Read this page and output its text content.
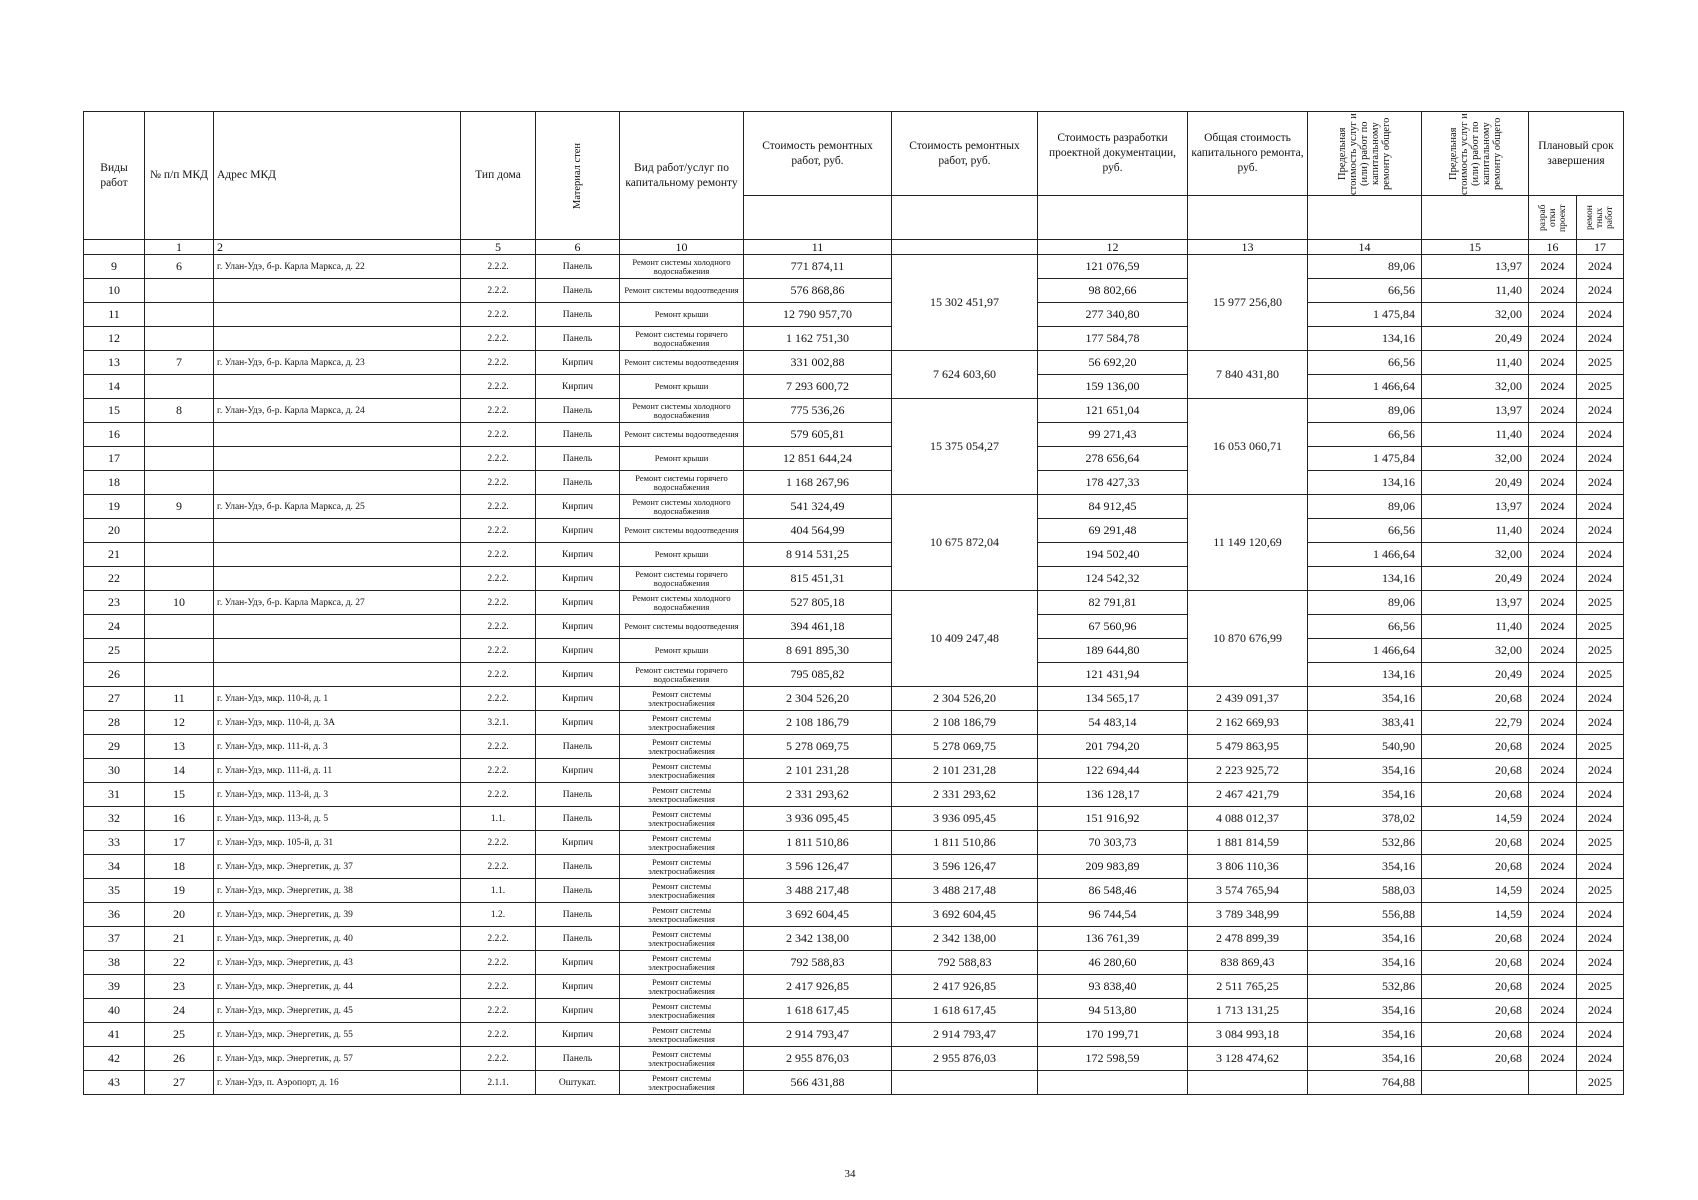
Виды работ	№ п/п МКД	Адрес МКД	Тип дома	Материал стен	Вид работ/услуг по капитальному ремонту	Стоимость ремонтных работ, руб.	Стоимость ремонтных работ, руб.	Стоимость разработки проектной документации, руб.	Общая стоимость капитального ремонта, руб.	Предельная стоимость услуг и (или) работ по капитальному ремонту общего	Предельная стоимость услуг и (или) работ по капитальному ремонту общего	Плановый срок завершения	

												разраб отки проект	ремон тных работ

	1	2	5	6	10	11		12	13	14	15	16	17
9	6	г. Улан-Удэ, б-р. Карла Маркса, д. 22	2.2.2.	Панель	Ремонт системы холодного водоснабжения	771 874,11	15 302 451,97	121 076,59	15 977 256,80	89,06	13,97	2024	2024
10			2.2.2.	Панель	Ремонт системы водоотведения	576 868,86		98 802,66		66,56	11,40	2024	2024
11			2.2.2.	Панель	Ремонт крыши	12 790 957,70		277 340,80		1 475,84	32,00	2024	2024
12			2.2.2.	Панель	Ремонт системы горячего водоснабжения	1 162 751,30		177 584,78		134,16	20,49	2024	2024
13	7	г. Улан-Удэ, б-р. Карла Маркса, д. 23	2.2.2.	Кирпич	Ремонт системы водоотведения	331 002,88	7 624 603,60	56 692,20	7 840 431,80	66,56	11,40	2024	2025
14			2.2.2.	Кирпич	Ремонт крыши	7 293 600,72		159 136,00		1 466,64	32,00	2024	2025
15	8	г. Улан-Удэ, б-р. Карла Маркса, д. 24	2.2.2.	Панель	Ремонт системы холодного водоснабжения	775 536,26	15 375 054,27	121 651,04	16 053 060,71	89,06	13,97	2024	2024
16			2.2.2.	Панель	Ремонт системы водоотведения	579 605,81		99 271,43		66,56	11,40	2024	2024
17			2.2.2.	Панель	Ремонт крыши	12 851 644,24		278 656,64		1 475,84	32,00	2024	2024
18			2.2.2.	Панель	Ремонт системы горячего водоснабжения	1 168 267,96		178 427,33		134,16	20,49	2024	2024
19	9	г. Улан-Удэ, б-р. Карла Маркса, д. 25	2.2.2.	Кирпич	Ремонт системы холодного водоснабжения	541 324,49	10 675 872,04	84 912,45	11 149 120,69	89,06	13,97	2024	2024
20			2.2.2.	Кирпич	Ремонт системы водоотведения	404 564,99		69 291,48		66,56	11,40	2024	2024
21			2.2.2.	Кирпич	Ремонт крыши	8 914 531,25		194 502,40		1 466,64	32,00	2024	2024
22			2.2.2.	Кирпич	Ремонт системы горячего водоснабжения	815 451,31		124 542,32		134,16	20,49	2024	2024
23	10	г. Улан-Удэ, б-р. Карла Маркса, д. 27	2.2.2.	Кирпич	Ремонт системы холодного водоснабжения	527 805,18	10 409 247,48	82 791,81	10 870 676,99	89,06	13,97	2024	2025
24			2.2.2.	Кирпич	Ремонт системы водоотведения	394 461,18		67 560,96		66,56	11,40	2024	2025
25			2.2.2.	Кирпич	Ремонт крыши	8 691 895,30		189 644,80		1 466,64	32,00	2024	2025
26			2.2.2.	Кирпич	Ремонт системы горячего водоснабжения	795 085,82		121 431,94		134,16	20,49	2024	2025
27	11	г. Улан-Удэ, мкр. 110-й, д. 1	2.2.2.	Кирпич	Ремонт системы электроснабжения	2 304 526,20	2 304 526,20	134 565,17	2 439 091,37	354,16	20,68	2024	2024
28	12	г. Улан-Удэ, мкр. 110-й, д. 3А	3.2.1.	Кирпич	Ремонт системы электроснабжения	2 108 186,79	2 108 186,79	54 483,14	2 162 669,93	383,41	22,79	2024	2024
29	13	г. Улан-Удэ, мкр. 111-й, д. 3	2.2.2.	Панель	Ремонт системы электроснабжения	5 278 069,75	5 278 069,75	201 794,20	5 479 863,95	540,90	20,68	2024	2025
30	14	г. Улан-Удэ, мкр. 111-й, д. 11	2.2.2.	Кирпич	Ремонт системы электроснабжения	2 101 231,28	2 101 231,28	122 694,44	2 223 925,72	354,16	20,68	2024	2024
31	15	г. Улан-Удэ, мкр. 113-й, д. 3	2.2.2.	Панель	Ремонт системы электроснабжения	2 331 293,62	2 331 293,62	136 128,17	2 467 421,79	354,16	20,68	2024	2024
32	16	г. Улан-Удэ, мкр. 113-й, д. 5	1.1.	Панель	Ремонт системы электроснабжения	3 936 095,45	3 936 095,45	151 916,92	4 088 012,37	378,02	14,59	2024	2024
33	17	г. Улан-Удэ, мкр. 105-й, д. 31	2.2.2.	Кирпич	Ремонт системы электроснабжения	1 811 510,86	1 811 510,86	70 303,73	1 881 814,59	532,86	20,68	2024	2025
34	18	г. Улан-Удэ, мкр. Энергетик, д. 37	2.2.2.	Панель	Ремонт системы электроснабжения	3 596 126,47	3 596 126,47	209 983,89	3 806 110,36	354,16	20,68	2024	2024
35	19	г. Улан-Удэ, мкр. Энергетик, д. 38	1.1.	Панель	Ремонт системы электроснабжения	3 488 217,48	3 488 217,48	86 548,46	3 574 765,94	588,03	14,59	2024	2025
36	20	г. Улан-Удэ, мкр. Энергетик, д. 39	1.2.	Панель	Ремонт системы электроснабжения	3 692 604,45	3 692 604,45	96 744,54	3 789 348,99	556,88	14,59	2024	2024
37	21	г. Улан-Удэ, мкр. Энергетик, д. 40	2.2.2.	Панель	Ремонт системы электроснабжения	2 342 138,00	2 342 138,00	136 761,39	2 478 899,39	354,16	20,68	2024	2024
38	22	г. Улан-Удэ, мкр. Энергетик, д. 43	2.2.2.	Кирпич	Ремонт системы электроснабжения	792 588,83	792 588,83	46 280,60	838 869,43	354,16	20,68	2024	2024
39	23	г. Улан-Удэ, мкр. Энергетик, д. 44	2.2.2.	Кирпич	Ремонт системы электроснабжения	2 417 926,85	2 417 926,85	93 838,40	2 511 765,25	532,86	20,68	2024	2025
40	24	г. Улан-Удэ, мкр. Энергетик, д. 45	2.2.2.	Кирпич	Ремонт системы электроснабжения	1 618 617,45	1 618 617,45	94 513,80	1 713 131,25	354,16	20,68	2024	2024
41	25	г. Улан-Удэ, мкр. Энергетик, д. 55	2.2.2.	Кирпич	Ремонт системы электроснабжения	2 914 793,47	2 914 793,47	170 199,71	3 084 993,18	354,16	20,68	2024	2024
42	26	г. Улан-Удэ, мкр. Энергетик, д. 57	2.2.2.	Панель	Ремонт системы электроснабжения	2 955 876,03	2 955 876,03	172 598,59	3 128 474,62	354,16	20,68	2024	2024
43	27	г. Улан-Удэ, п. Аэропорт, д. 16	2.1.1.	Оштукат.	Ремонт системы электроснабжения	566 431,88				764,88			2025
34
